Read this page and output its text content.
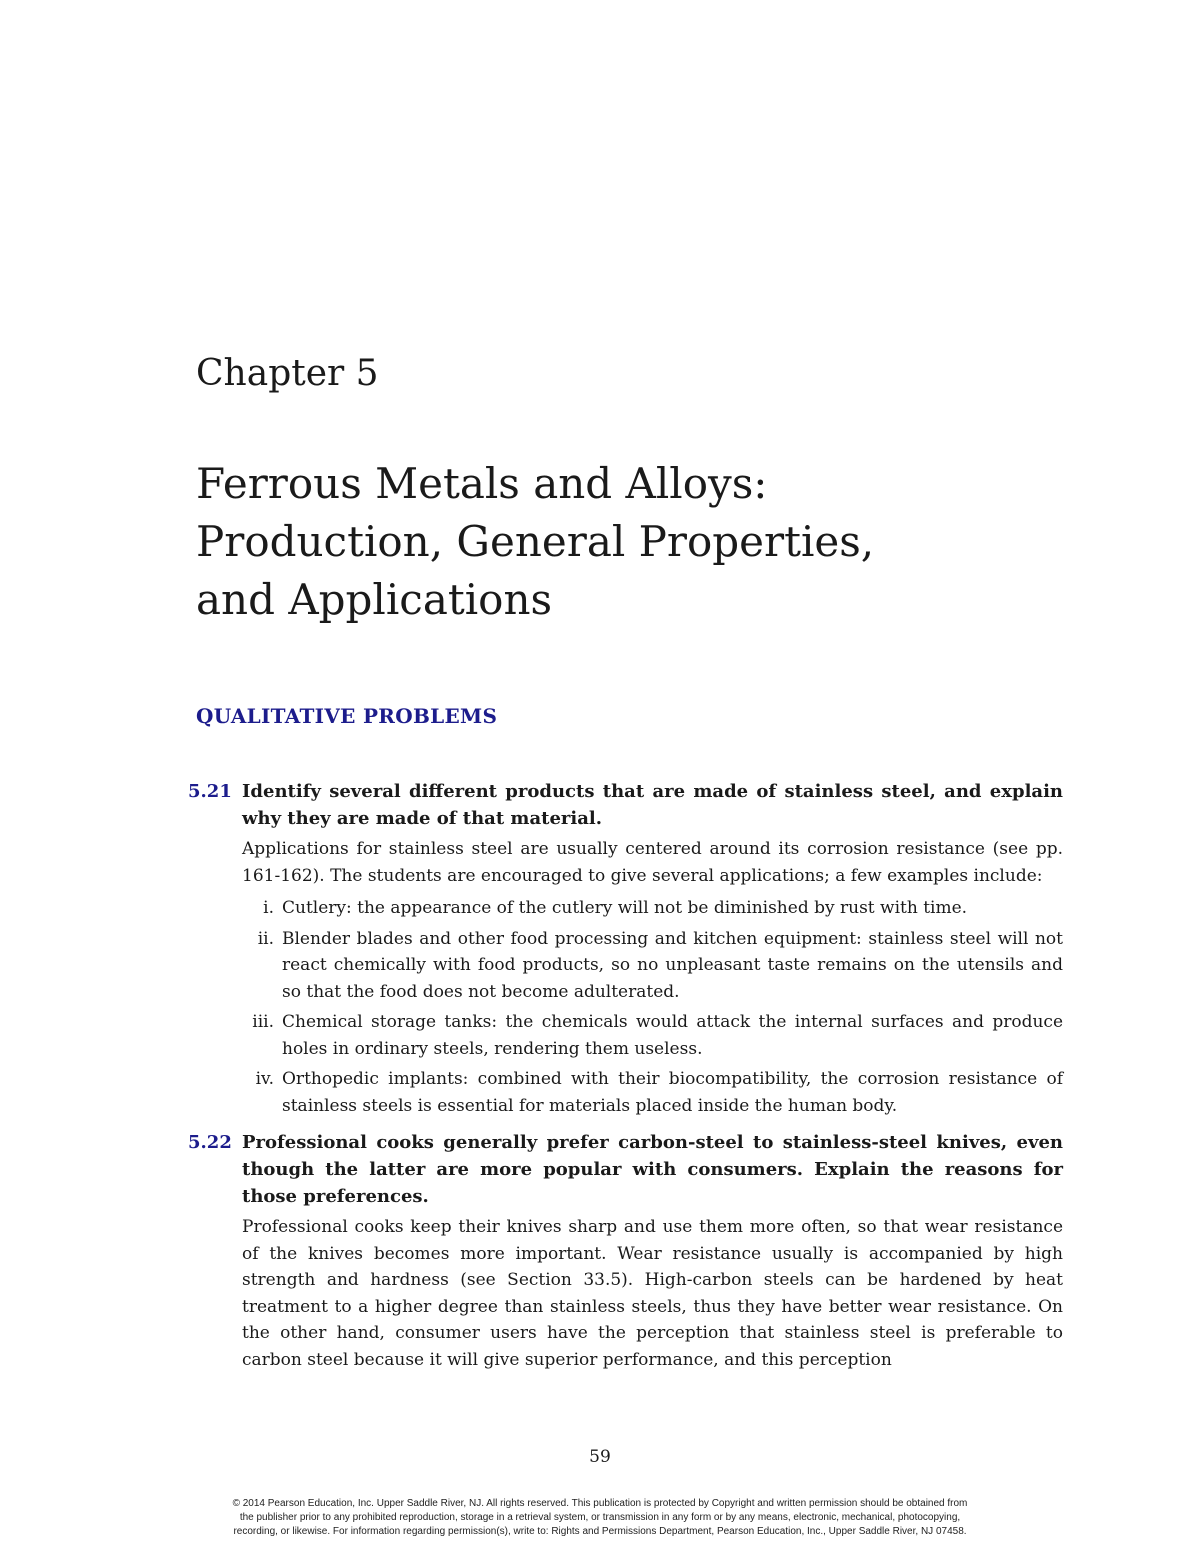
Chapter 5
Ferrous Metals and Alloys:
Production, General Properties,
and Applications
QUALITATIVE PROBLEMS
5.21 Identify several different products that are made of stainless steel, and explain why they are made of that material.

Applications for stainless steel are usually centered around its corrosion resistance (see pp. 161-162). The students are encouraged to give several applications; a few examples include:

i. Cutlery: the appearance of the cutlery will not be diminished by rust with time.
ii. Blender blades and other food processing and kitchen equipment: stainless steel will not react chemically with food products, so no unpleasant taste remains on the utensils and so that the food does not become adulterated.
iii. Chemical storage tanks: the chemicals would attack the internal surfaces and produce holes in ordinary steels, rendering them useless.
iv. Orthopedic implants: combined with their biocompatibility, the corrosion resistance of stainless steels is essential for materials placed inside the human body.
5.22 Professional cooks generally prefer carbon-steel to stainless-steel knives, even though the latter are more popular with consumers. Explain the reasons for those preferences.

Professional cooks keep their knives sharp and use them more often, so that wear resistance of the knives becomes more important. Wear resistance usually is accompanied by high strength and hardness (see Section 33.5). High-carbon steels can be hardened by heat treatment to a higher degree than stainless steels, thus they have better wear resistance. On the other hand, consumer users have the perception that stainless steel is preferable to carbon steel because it will give superior performance, and this perception

59

© 2014 Pearson Education, Inc. Upper Saddle River, NJ. All rights reserved. This publication is protected by Copyright and written permission should be obtained from
the publisher prior to any prohibited reproduction, storage in a retrieval system, or transmission in any form or by any means, electronic, mechanical, photocopying,
recording, or likewise. For information regarding permission(s), write to: Rights and Permissions Department, Pearson Education, Inc., Upper Saddle River, NJ 07458.
